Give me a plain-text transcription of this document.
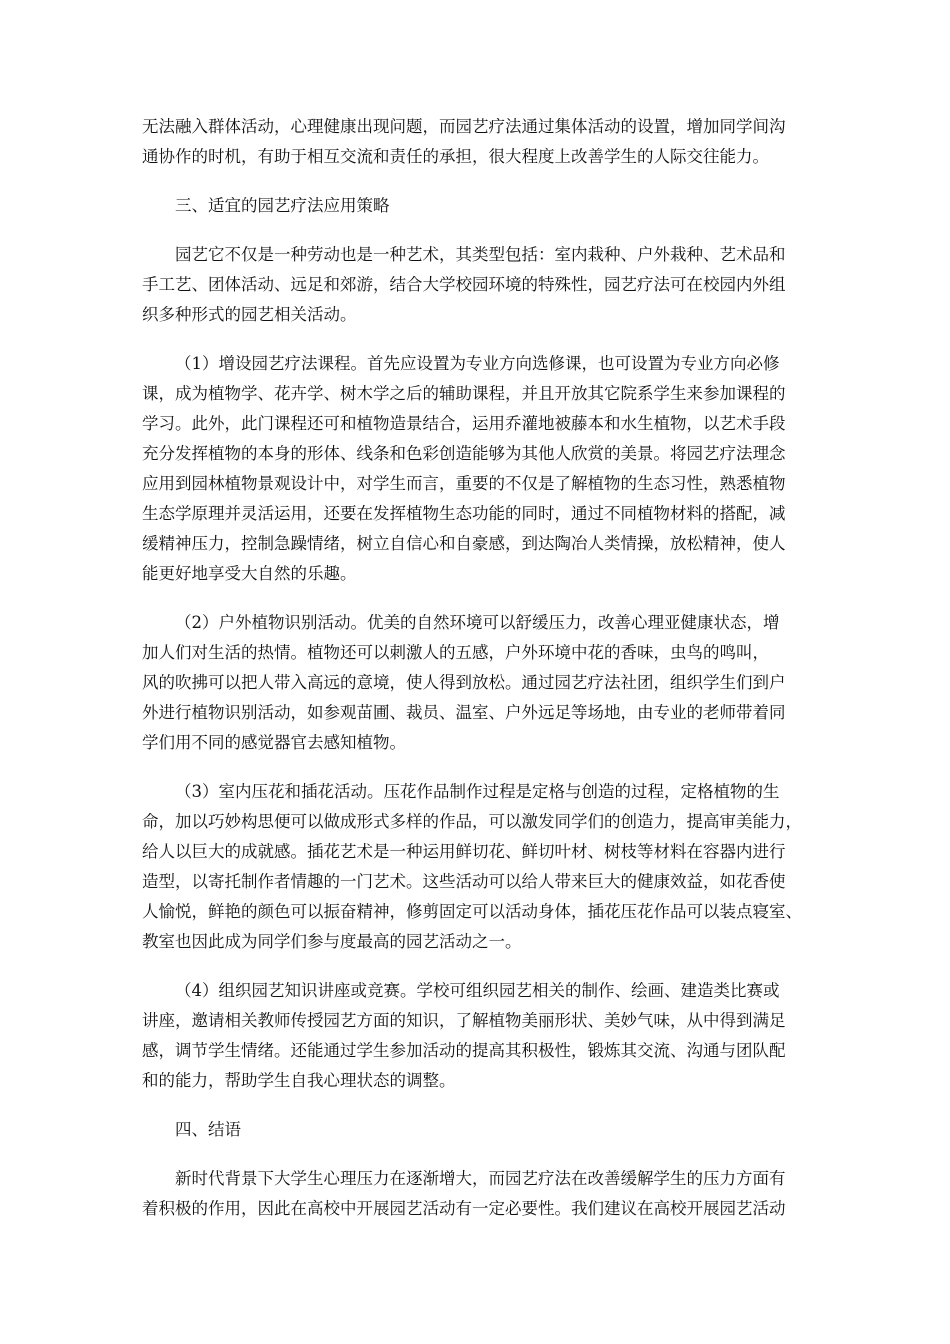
无法融入群体活动，心理健康出现问题，而园艺疗法通过集体活动的设置，增加同学间沟
通协作的时机，有助于相互交流和责任的承担，很大程度上改善学生的人际交往能力。
三、适宜的园艺疗法应用策略
园艺它不仅是一种劳动也是一种艺术，其类型包括：室内栽种、户外栽种、艺术品和
手工艺、团体活动、远足和郊游，结合大学校园环境的特殊性，园艺疗法可在校园内外组
织多种形式的园艺相关活动。
（1）增设园艺疗法课程。首先应设置为专业方向选修课，也可设置为专业方向必修
课，成为植物学、花卉学、树木学之后的辅助课程，并且开放其它院系学生来参加课程的
学习。此外，此门课程还可和植物造景结合，运用乔灌地被藤本和水生植物，以艺术手段
充分发挥植物的本身的形体、线条和色彩创造能够为其他人欣赏的美景。将园艺疗法理念
应用到园林植物景观设计中，对学生而言，重要的不仅是了解植物的生态习性，熟悉植物
生态学原理并灵活运用，还要在发挥植物生态功能的同时，通过不同植物材料的搭配，减
缓精神压力，控制急躁情绪，树立自信心和自豪感，到达陶冶人类情操，放松精神，使人
能更好地享受大自然的乐趣。
（2）户外植物识别活动。优美的自然环境可以舒缓压力，改善心理亚健康状态，增
加人们对生活的热情。植物还可以刺激人的五感，户外环境中花的香味，虫鸟的鸣叫，
风的吹拂可以把人带入高远的意境，使人得到放松。通过园艺疗法社团，组织学生们到户
外进行植物识别活动，如参观苗圃、裁员、温室、户外远足等场地，由专业的老师带着同
学们用不同的感觉器官去感知植物。
（3）室内压花和插花活动。压花作品制作过程是定格与创造的过程，定格植物的生
命，加以巧妙构思便可以做成形式多样的作品，可以激发同学们的创造力，提高审美能力，
给人以巨大的成就感。插花艺术是一种运用鲜切花、鲜切叶材、树枝等材料在容器内进行
造型，以寄托制作者情趣的一门艺术。这些活动可以给人带来巨大的健康效益，如花香使
人愉悦，鲜艳的颜色可以振奋精神，修剪固定可以活动身体，插花压花作品可以装点寝室、
教室也因此成为同学们参与度最高的园艺活动之一。
（4）组织园艺知识讲座或竞赛。学校可组织园艺相关的制作、绘画、建造类比赛或
讲座，邀请相关教师传授园艺方面的知识，了解植物美丽形状、美妙气味，从中得到满足
感，调节学生情绪。还能通过学生参加活动的提高其积极性，锻炼其交流、沟通与团队配
和的能力，帮助学生自我心理状态的调整。
四、结语
新时代背景下大学生心理压力在逐渐增大，而园艺疗法在改善缓解学生的压力方面有
着积极的作用，因此在高校中开展园艺活动有一定必要性。我们建议在高校开展园艺活动
